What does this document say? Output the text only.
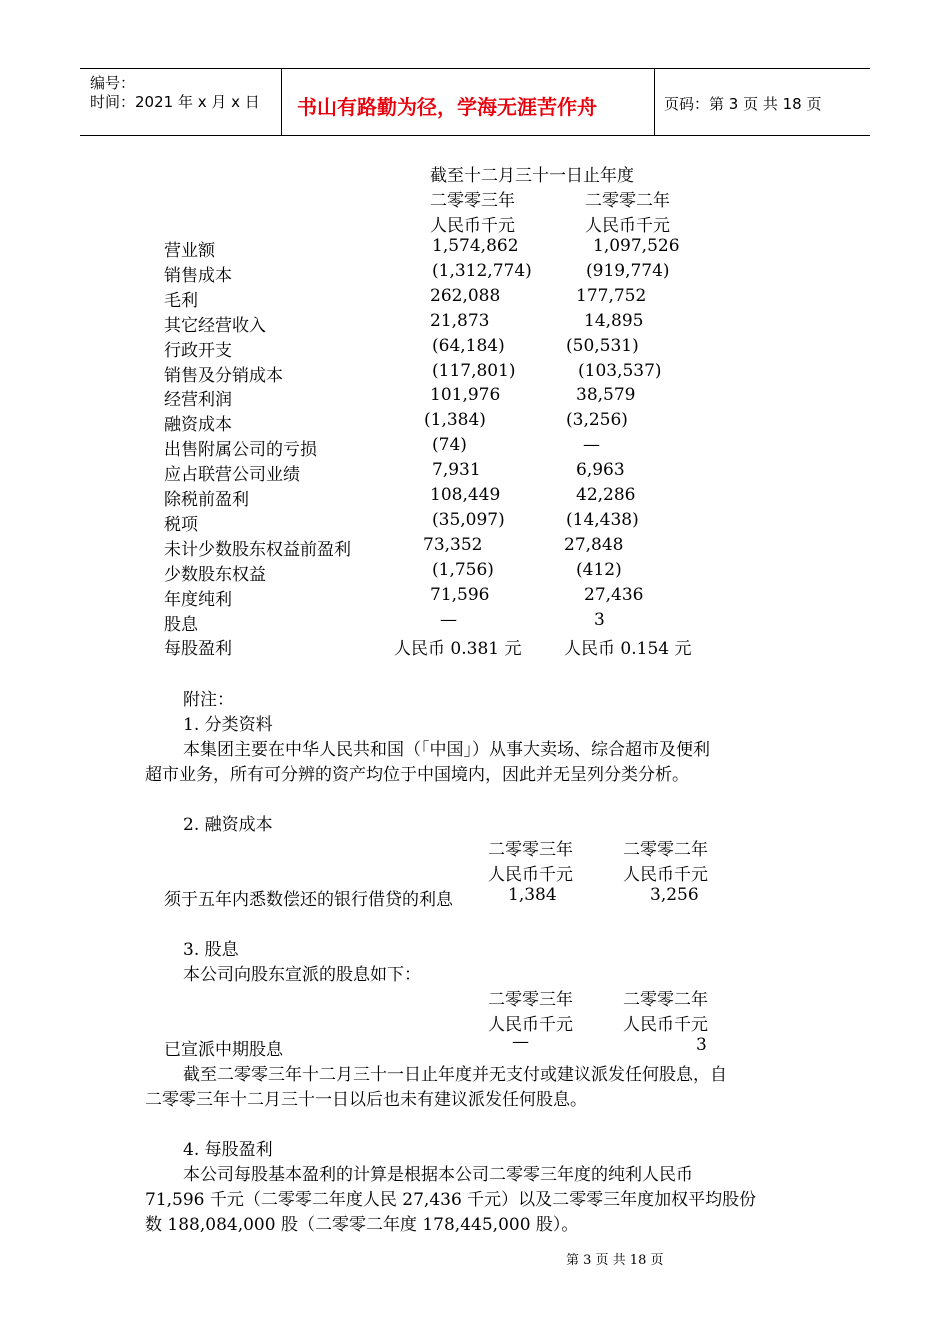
编号：
时间：2021 年 x 月 x 日 书山有路勤为径，学海无涯苦作舟	页码：第 3 页 共 18 页
截至十二月三十一日止年度
二零零三年	二零零二年
人民币千元	人民币千元
营业额	1,574,862	1,097,526
销售成本	(1,312,774)	(919,774)
毛利	262,088	177,752
其它经营收入	21,873	14,895
行政开支	(64,184)	(50,531)
销售及分销成本	(117,801)	(103,537)
经营利润	101,976	38,579
融资成本	(1,384)	(3,256)
出售附属公司的亏损	(74)	—
应占联营公司业绩	7,931	6,963
除税前盈利	108,449	42,286
税项	(35,097)	(14,438)
未计少数股东权益前盈利	73,352	27,848
少数股东权益	(1,756)	(412)
年度纯利	71,596	27,436
股息	—	3
每股盈利	人民币 0.381 元	人民币 0.154 元
附注：
1. 分类资料
本集团主要在中华人民共和国（「中国」）从事大卖场、综合超市及便利
超市业务，所有可分辨的资产均位于中国境内，因此并无呈列分类分析。
2. 融资成本
二零零三年	二零零二年
人民币千元	人民币千元
须于五年内悉数偿还的银行借贷的利息	1,384	3,256
3. 股息
本公司向股东宣派的股息如下：
二零零三年	二零零二年
人民币千元	人民币千元
已宣派中期股息	—	3
截至二零零三年十二月三十一日止年度并无支付或建议派发任何股息，自
二零零三年十二月三十一日以后也未有建议派发任何股息。
4. 每股盈利
本公司每股基本盈利的计算是根据本公司二零零三年度的纯利人民币
71,596 千元（二零零二年度人民 27,436 千元）以及二零零三年度加权平均股份
数 188,084,000 股（二零零二年度 178,445,000 股）。
第 3 页 共 18 页
